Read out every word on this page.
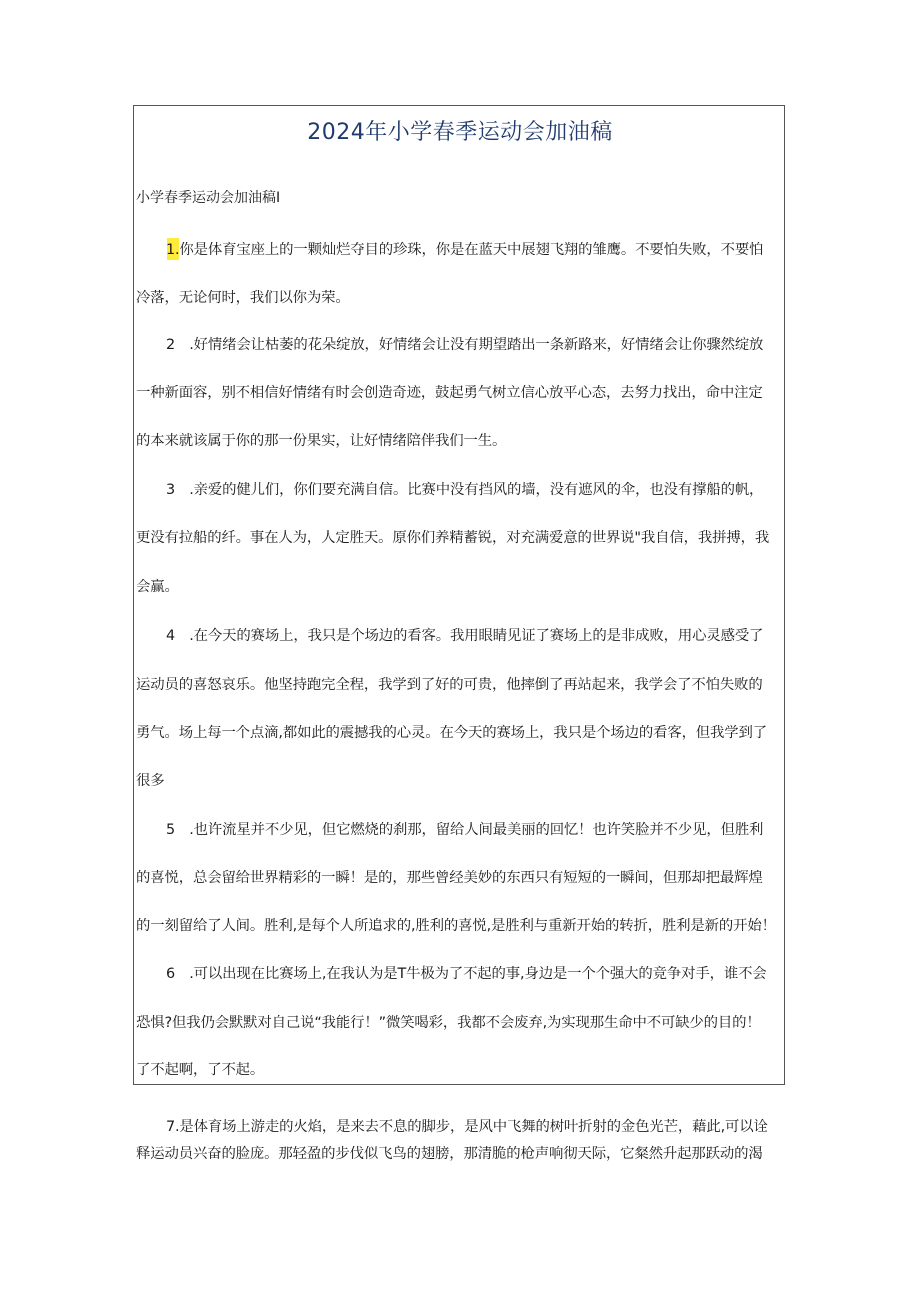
2024年小学春季运动会加油稿
小学春季运动会加油稿I
1.你是体育宝座上的一颗灿烂夺目的珍珠，你是在蓝天中展翅飞翔的雏鹰。不要怕失败，不要怕
冷落，无论何时，我们以你为荣。
2　.好情绪会让枯萎的花朵绽放，好情绪会让没有期望踏出一条新路来，好情绪会让你骤然绽放
一种新面容，别不相信好情绪有时会创造奇迹，鼓起勇气树立信心放平心态，去努力找出，命中注定
的本来就该属于你的那一份果实，让好情绪陪伴我们一生。
3　.亲爱的健儿们，你们要充满自信。比赛中没有挡风的墙，没有遮风的伞，也没有撑船的帆，
更没有拉船的纤。事在人为，人定胜天。原你们养精蓄锐，对充满爱意的世界说"我自信，我拼搏，我
会赢。
4　.在今天的赛场上，我只是个场边的看客。我用眼睛见证了赛场上的是非成败，用心灵感受了
运动员的喜怒哀乐。他坚持跑完全程，我学到了好的可贵，他摔倒了再站起来，我学会了不怕失败的
勇气。场上每一个点滴,都如此的震撼我的心灵。在今天的赛场上，我只是个场边的看客，但我学到了
很多
5　.也许流星并不少见，但它燃烧的刹那，留给人间最美丽的回忆！也许笑脸并不少见，但胜利
的喜悦，总会留给世界精彩的一瞬！是的，那些曾经美妙的东西只有短短的一瞬间，但那却把最辉煌
的一刻留给了人间。胜利,是每个人所追求的,胜利的喜悦,是胜利与重新开始的转折，胜利是新的开始！
6　.可以出现在比赛场上,在我认为是T牛极为了不起的事,身边是一个个强大的竞争对手，谁不会
恐惧?但我仍会默默对自己说“我能行！”微笑喝彩，我都不会废弃,为实现那生命中不可缺少的目的！
了不起啊，了不起。
7.是体育场上游走的火焰，是来去不息的脚步，是风中飞舞的树叶折射的金色光芒，藉此,可以诠
释运动员兴奋的脸庞。那轻盈的步伐似飞鸟的翅膀，那清脆的枪声响彻天际，它粲然升起那跃动的渴
